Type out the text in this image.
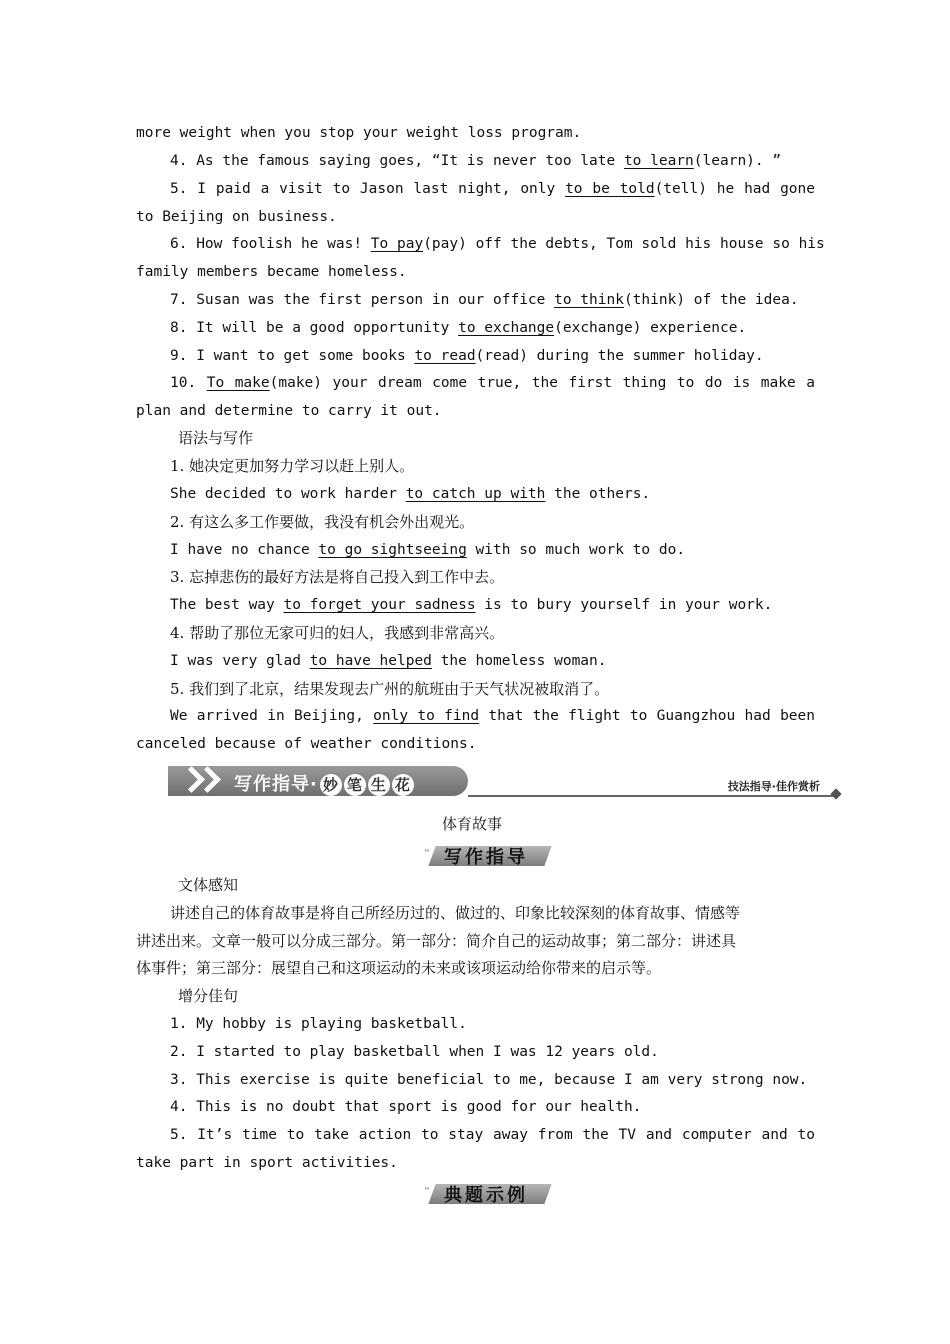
more weight when you stop your weight loss program.
4. As the famous saying goes, “It is never too late to learn(learn). ”
5. I paid a visit to Jason last night, only to be told(tell) he had gone
to Beijing on business.
6. How foolish he was! To pay(pay) off the debts, Tom sold his house so his
family members became homeless.
7. Susan was the first person in our office to think(think) of the idea.
8. It will be a good opportunity to exchange(exchange) experience.
9. I want to get some books to read(read) during the summer holiday.
10. To make(make) your dream come true, the first thing to do is make a
plan and determine to carry it out.
语法与写作
1. 她决定更加努力学习以赶上别人。
She decided to work harder to catch up with the others.
2. 有这么多工作要做，我没有机会外出观光。
I have no chance to go sightseeing with so much work to do.
3. 忘掉悲伤的最好方法是将自己投入到工作中去。
The best way to forget your sadness is to bury yourself in your work.
4. 帮助了那位无家可归的妇人，我感到非常高兴。
I was very glad to have helped the homeless woman.
5. 我们到了北京，结果发现去广州的航班由于天气状况被取消了。
We arrived in Beijing, only to find that the flight to Guangzhou had been
canceled because of weather conditions.
写作指导· 妙 笔 生 花	技法指导·佳作赏析
体育故事
❝ 写作指导
文体感知
讲述自己的体育故事是将自己所经历过的、做过的、印象比较深刻的体育故事、情感等
讲述出来。文章一般可以分成三部分。第一部分：简介自己的运动故事；第二部分：讲述具
体事件；第三部分：展望自己和这项运动的未来或该项运动给你带来的启示等。
增分佳句
1. My hobby is playing basketball.
2. I started to play basketball when I was 12 years old.
3. This exercise is quite beneficial to me, because I am very strong now.
4. This is no doubt that sport is good for our health.
5. It’s time to take action to stay away from the TV and computer and to
take part in sport activities.
❝ 典题示例
